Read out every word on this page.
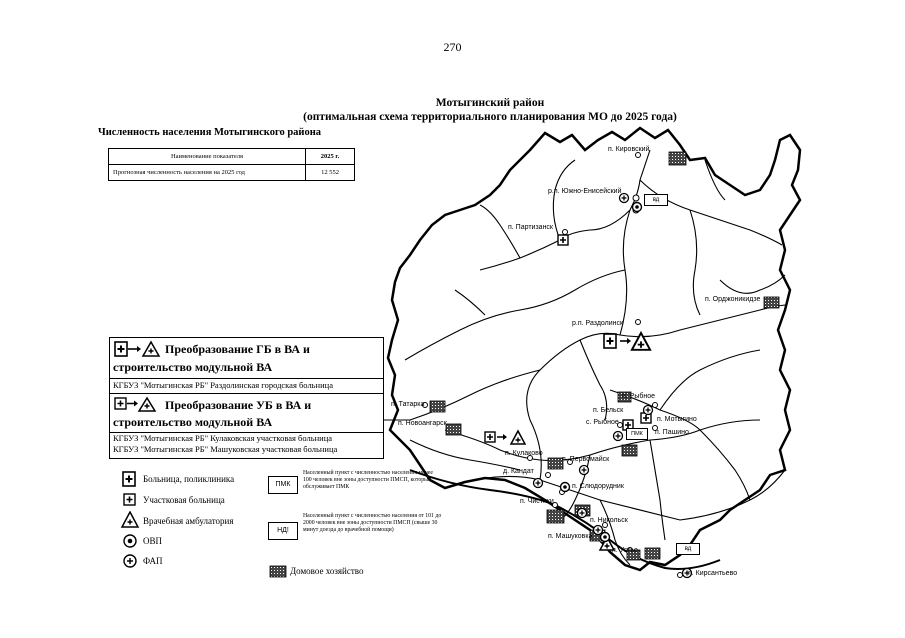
вд
вд
ПМК
270
Мотыгинский район
(оптимальная схема территориального планирования МО до 2025 года)
Численность населения Мотыгинского района
Наименование показателя	2025 г.
Прогнозная численность населения на 2025 год	12 552
Преобразование ГБ в ВА и
строительство модульной ВА
КГБУЗ "Мотыгинская РБ" Раздолинская городская больница
Преобразование УБ в ВА и
строительство модульной ВА
КГБУЗ "Мотыгинская РБ" Кулаковская участковая больница
КГБУЗ "Мотыгинская РБ" Машуковская участковая больница
Больница, поликлиника
Участковая больница
Врачебная амбулатория
ОВП
ФАП
Домовое хозяйство
ПМК
Населенный пункт с численностью населения менее 100 человек вне зоны доступности ПМСП, который обслуживает ПМК
НД!
Населенный пункт с численностью населения от 101 до 2000 человек вне зоны доступности ПМСП (свыше 30 минут доезда до врачебной помощи)
п. Кировский
р.п. Южно-Енисейский
п. Партизанск
п. Орджоникидзе
р.п. Раздолинск
п. Татарка
п. Новоангарск
п. Кулаково
п. Рыбное
п. Бельск
с. Рыбное	п. Мотыгино
п. Пашино
п. Первомайск
д. Кандат
п. Слюдорудник
п. Чистяки
п. Никольск
п. Машуковка
п. Устье
п. Кирсантьево
